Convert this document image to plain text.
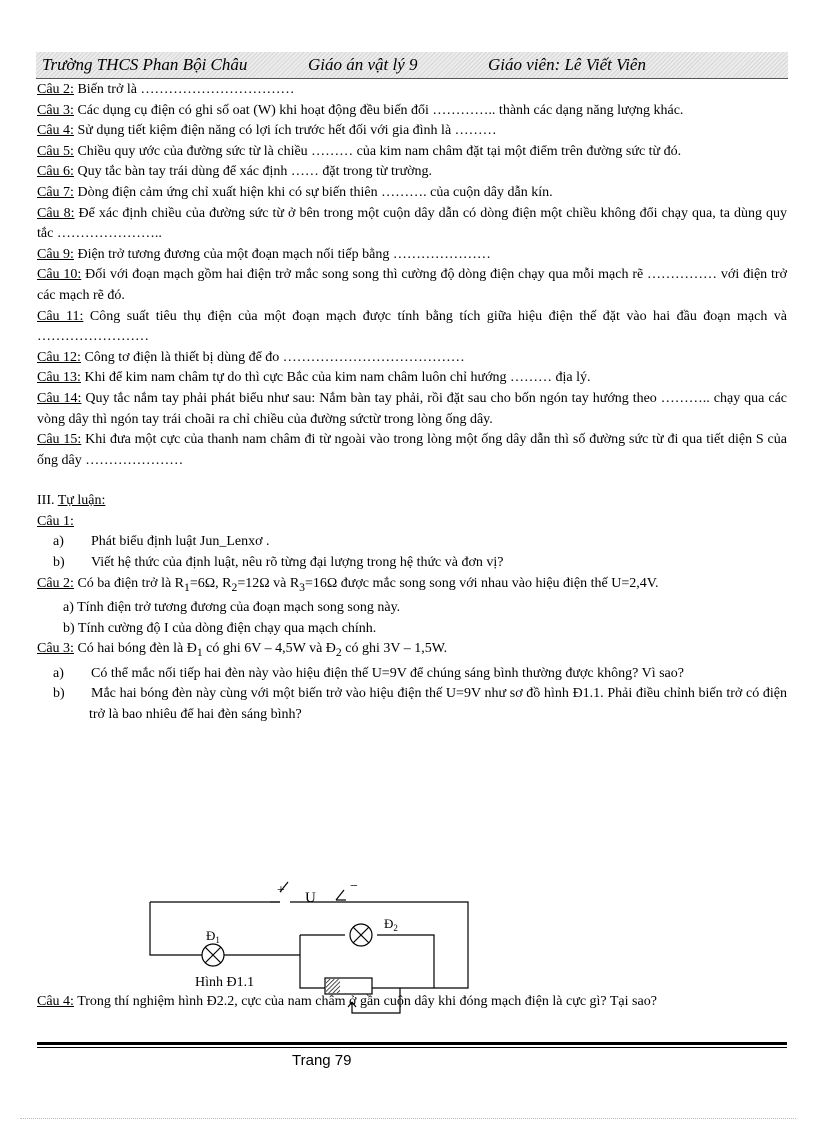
Trường THCS Phan Bội Châu	Giáo án vật lý 9	Giáo viên: Lê Viết Viên

Câu 2: Biến trở là ……………………………

Câu 3: Các dụng cụ điện có ghi số oat (W) khi hoạt động đều biến đổi ………….. thành các dạng năng lượng khác.

Câu 4: Sử dụng tiết kiệm điện năng có lợi ích trước hết đối với gia đình là ………

Câu 5: Chiều quy ước của đường sức từ là chiều ……… của kim nam châm đặt tại một điểm trên đường sức từ đó.

Câu 6: Quy tắc bàn tay trái dùng để xác định …… đặt trong từ trường.

Câu 7: Dòng điện cảm ứng chỉ xuất hiện khi có sự biến thiên ………. của cuộn dây dẫn kín.

Câu 8: Để xác định chiều của đường sức từ ở bên trong một cuộn dây dẫn có dòng điện một chiều không đổi chạy qua, ta dùng quy tắc …………………..

Câu 9: Điện trở tương đương của một đoạn mạch nối tiếp bằng …………………

Câu 10: Đối với đoạn mạch gồm hai điện trở mắc song song thì cường độ dòng điện chạy qua mỗi mạch rẽ …………… với điện trở các mạch rẽ đó.

Câu 11: Công suất tiêu thụ điện của một đoạn mạch được tính bằng tích giữa hiệu điện thế đặt vào hai đầu đoạn mạch và ……………………

Câu 12: Công tơ điện là thiết bị dùng để đo …………………………………

Câu 13: Khi để kim nam châm tự do thì cực Bắc của kim nam châm luôn chỉ hướng ……… địa lý.

Câu 14: Quy tắc nắm tay phải phát biểu như sau: Nắm bàn tay phải, rồi đặt sau cho bốn ngón tay hướng theo ……….. chạy qua các vòng dây thì ngón tay trái choãi ra chỉ chiều của đường sứctừ trong lòng ống dây.

Câu 15: Khi đưa một cực của thanh nam châm đi từ ngoài vào trong lòng một ống dây dẫn thì số đường sức từ đi qua tiết diện S của ống dây …………………

III. Tự luận:

Câu 1:

a) Phát biểu định luật Jun_Lenxơ .

b) Viết hệ thức của định luật, nêu rõ từng đại lượng trong hệ thức và đơn vị?

Câu 2: Có ba điện trở là $R_1=6\Omega$, $R_2=12\Omega$ và $R_3=16\Omega$ được mắc song song với nhau vào hiệu điện thế U=2,4V.

a) Tính điện trở tương đương của đoạn mạch song song này.

b) Tính cường độ I của dòng điện chạy qua mạch chính.

Câu 3: Có hai bóng đèn là $Đ_1$ có ghi 6V – 4,5W và $Đ_2$ có ghi 3V – 1,5W.

a) Có thể mắc nối tiếp hai đèn này vào hiệu điện thế U=9V để chúng sáng bình thường được không? Vì sao?

b) Mắc hai bóng đèn này cùng với một biến trở vào hiệu điện thế U=9V như sơ đồ hình Đ1.1. Phải điều chỉnh biến trở có điện trở là bao nhiêu để hai đèn sáng bình?

+	−
U
$Đ_1$
$Đ_2$
Hình Đ1.1

Câu 4: Trong thí nghiệm hình Đ2.2, cực của nam châm ở gần cuộn dây khi đóng mạch điện là cực gì? Tại sao?

Trang 79
